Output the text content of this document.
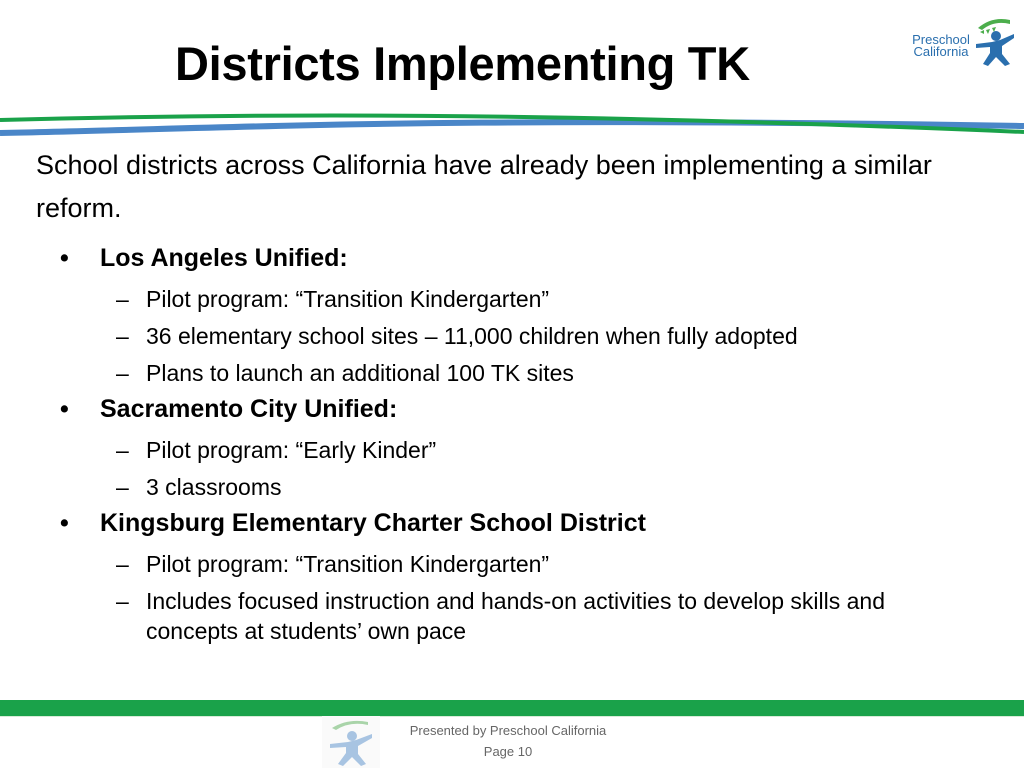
Districts Implementing TK	Preschool
California

School districts across California have already been implementing a similar reform.

• Los Angeles Unified:
– Pilot program: “Transition Kindergarten”
– 36 elementary school sites – 11,000 children when fully adopted
– Plans to launch an additional 100 TK sites
• Sacramento City Unified:
– Pilot program: “Early Kinder”
– 3 classrooms
• Kingsburg Elementary Charter School District
– Pilot program: “Transition Kindergarten”
– Includes focused instruction and hands-on activities to develop skills and concepts at students’ own pace
Presented by Preschool California
Page 10
